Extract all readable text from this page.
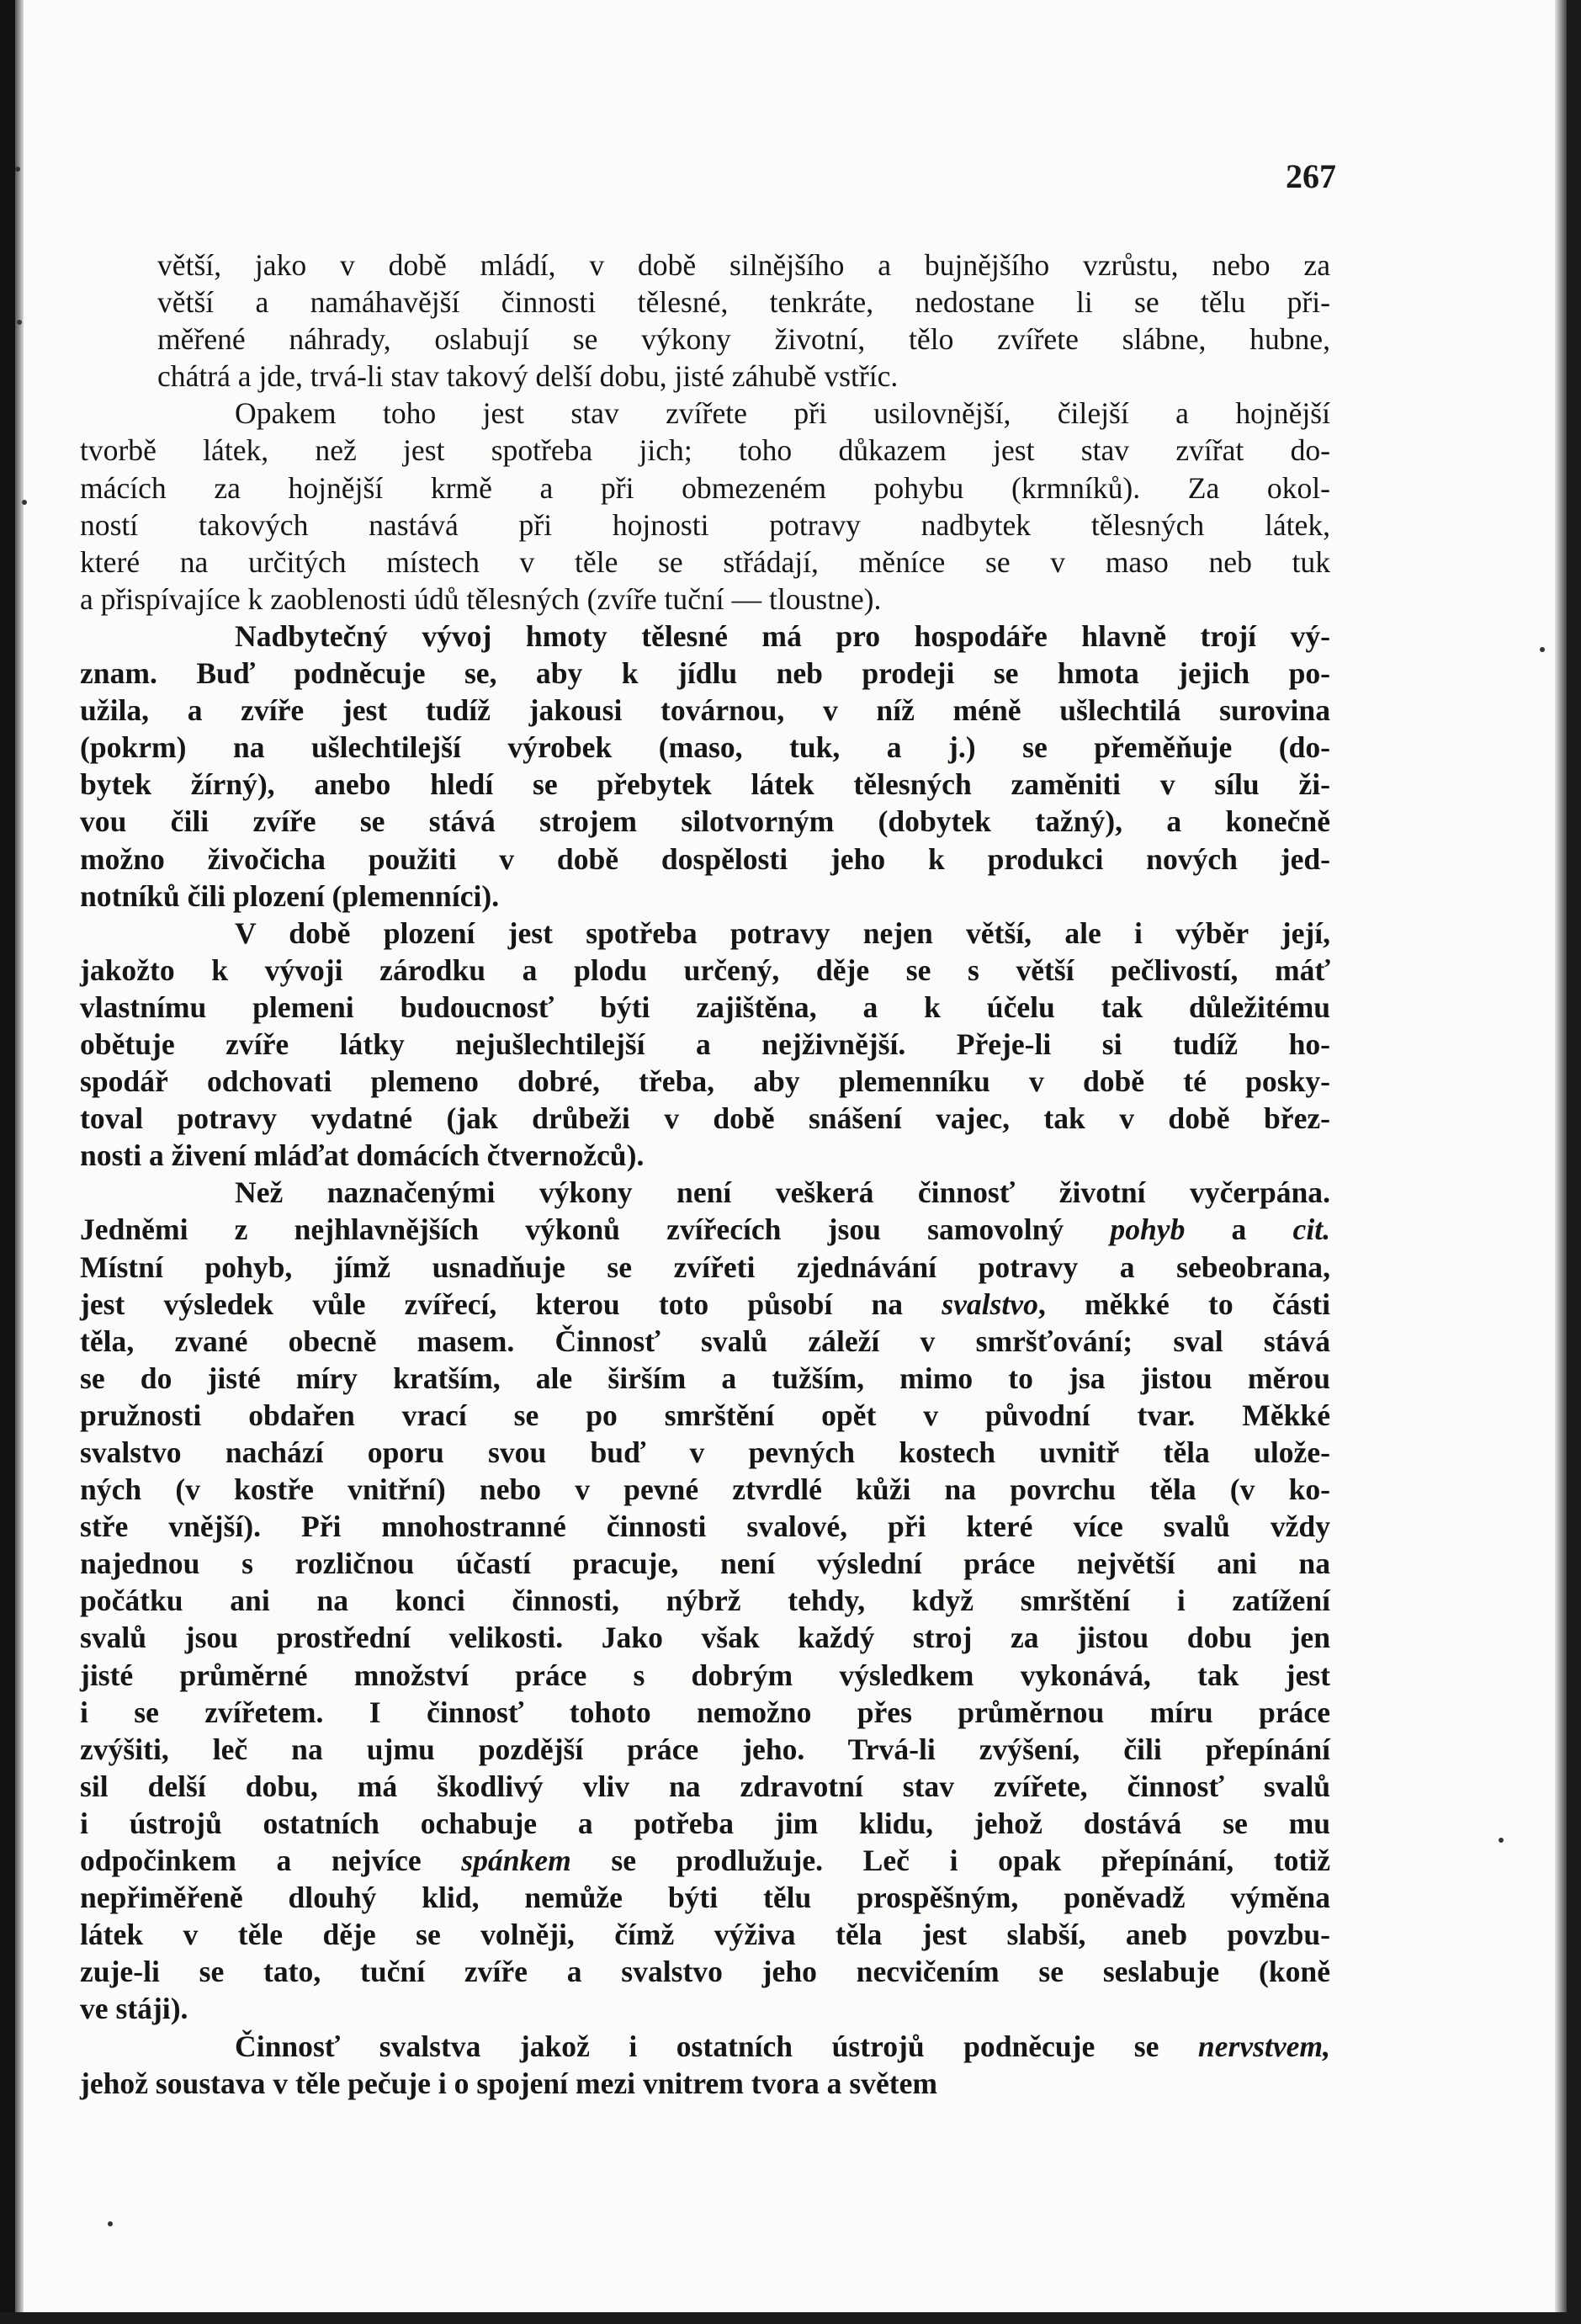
267
větší, jako v době mládí, v době silnějšího a bujnějšího vzrůstu, nebo za
větší a namáhavější činnosti tělesné, tenkráte, nedostane li se tělu při-
měřené náhrady, oslabují se výkony životní, tělo zvířete slábne, hubne,
chátrá a jde, trvá-li stav takový delší dobu, jisté záhubě vstříc.
Opakem toho jest stav zvířete při usilovnější, čilejší a hojnější
tvorbě látek, než jest spotřeba jich; toho důkazem jest stav zvířat do-
mácích za hojnější krmě a při obmezeném pohybu (krmníků). Za okol-
ností takových nastává při hojnosti potravy nadbytek tělesných látek,
které na určitých místech v těle se střádají, měníce se v maso neb tuk
a přispívajíce k zaoblenosti údů tělesných (zvíře tuční — tloustne).
Nadbytečný vývoj hmoty tělesné má pro hospodáře hlavně trojí vý-
znam. Buď podněcuje se, aby k jídlu neb prodeji se hmota jejich po-
užila, a zvíře jest tudíž jakousi továrnou, v níž méně ušlechtilá surovina
(pokrm) na ušlechtilejší výrobek (maso, tuk, a j.) se přeměňuje (do-
bytek žírný), anebo hledí se přebytek látek tělesných zaměniti v sílu ži-
vou čili zvíře se stává strojem silotvorným (dobytek tažný), a konečně
možno živočicha použiti v době dospělosti jeho k produkci nových jed-
notníků čili plození (plemenníci).
V době plození jest spotřeba potravy nejen větší, ale i výběr její,
jakožto k vývoji zárodku a plodu určený, děje se s větší pečlivostí, máť
vlastnímu plemeni budoucnosť býti zajištěna, a k účelu tak důležitému
obětuje zvíře látky nejušlechtilejší a nejživnější. Přeje-li si tudíž ho-
spodář odchovati plemeno dobré, třeba, aby plemenníku v době té posky-
toval potravy vydatné (jak drůbeži v době snášení vajec, tak v době břez-
nosti a živení mláďat domácích čtvernožců).
Než naznačenými výkony není veškerá činnosť životní vyčerpána.
Jedněmi z nejhlavnějších výkonů zvířecích jsou samovolný pohyb a cit.
Místní pohyb, jímž usnadňuje se zvířeti zjednávání potravy a sebeobrana,
jest výsledek vůle zvířecí, kterou toto působí na svalstvo, měkké to části
těla, zvané obecně masem. Činnosť svalů záleží v smršťování; sval stává
se do jisté míry kratším, ale širším a tužším, mimo to jsa jistou měrou
pružnosti obdařen vrací se po smrštění opět v původní tvar. Měkké
svalstvo nachází oporu svou buď v pevných kostech uvnitř těla ulože-
ných (v kostře vnitřní) nebo v pevné ztvrdlé kůži na povrchu těla (v ko-
stře vnější). Při mnohostranné činnosti svalové, při které více svalů vždy
najednou s rozličnou účastí pracuje, není výslední práce největší ani na
počátku ani na konci činnosti, nýbrž tehdy, když smrštění i zatížení
svalů jsou prostřední velikosti. Jako však každý stroj za jistou dobu jen
jisté průměrné množství práce s dobrým výsledkem vykonává, tak jest
i se zvířetem. I činnosť tohoto nemožno přes průměrnou míru práce
zvýšiti, leč na ujmu pozdější práce jeho. Trvá-li zvýšení, čili přepínání
sil delší dobu, má škodlivý vliv na zdravotní stav zvířete, činnosť svalů
i ústrojů ostatních ochabuje a potřeba jim klidu, jehož dostává se mu
odpočinkem a nejvíce spánkem se prodlužuje. Leč i opak přepínání, totiž
nepřiměřeně dlouhý klid, nemůže býti tělu prospěšným, poněvadž výměna
látek v těle děje se volněji, čímž výživa těla jest slabší, aneb povzbu-
zuje-li se tato, tuční zvíře a svalstvo jeho necvičením se seslabuje (koně
ve stáji).
Činnosť svalstva jakož i ostatních ústrojů podněcuje se nervstvem,
jehož soustava v těle pečuje i o spojení mezi vnitrem tvora a světem
